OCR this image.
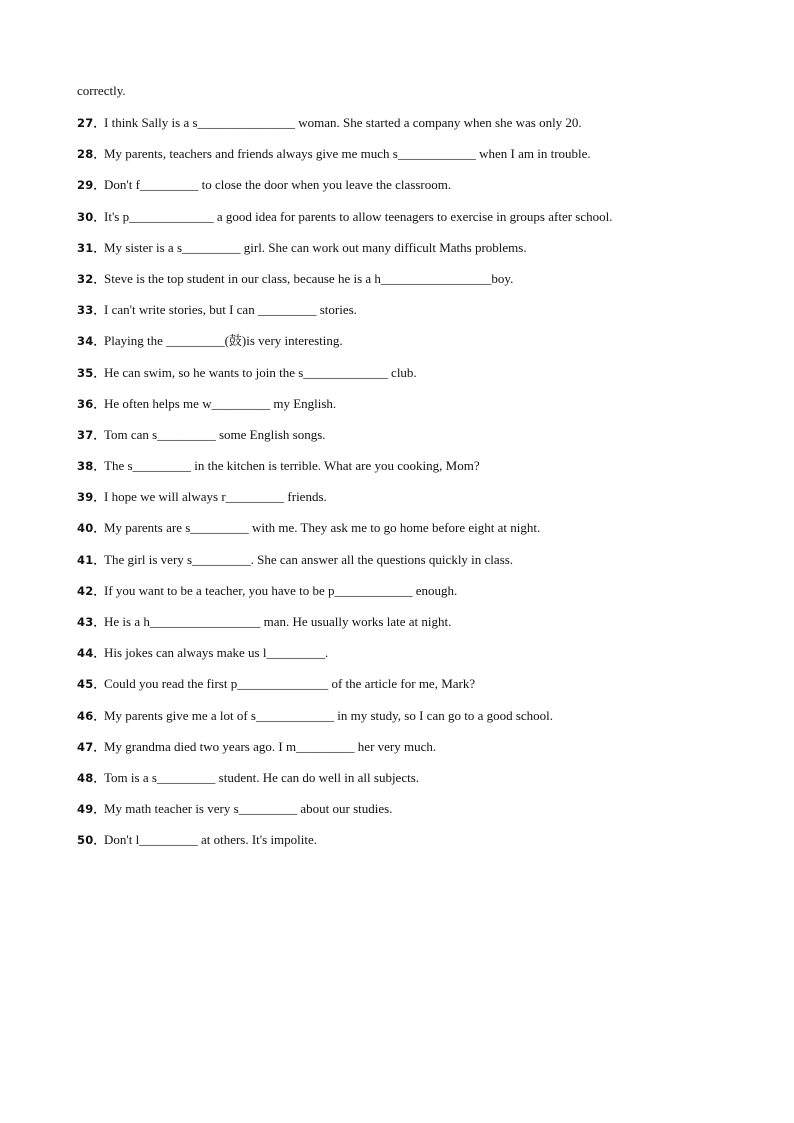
correctly.
27．I think Sally is a s_______________ woman. She started a company when she was only 20.
28．My parents, teachers and friends always give me much s____________ when I am in trouble.
29．Don't f_________ to close the door when you leave the classroom.
30．It's p_____________ a good idea for parents to allow teenagers to exercise in groups after school.
31．My sister is a s_________ girl. She can work out many difficult Maths problems.
32．Steve is the top student in our class, because he is a h_________________boy.
33．I can't write stories, but I can _________ stories.
34．Playing the _________(鼓)is very interesting.
35．He can swim, so he wants to join the s_____________ club.
36．He often helps me w_________ my English.
37．Tom can s_________ some English songs.
38．The s_________ in the kitchen is terrible. What are you cooking, Mom?
39．I hope we will always r_________ friends.
40．My parents are s_________ with me. They ask me to go home before eight at night.
41．The girl is very s_________. She can answer all the questions quickly in class.
42．If you want to be a teacher, you have to be p____________ enough.
43．He is a h_________________ man. He usually works late at night.
44．His jokes can always make us l_________.
45．Could you read the first p______________ of the article for me, Mark?
46．My parents give me a lot of s____________ in my study, so I can go to a good school.
47．My grandma died two years ago. I m_________ her very much.
48．Tom is a s_________ student. He can do well in all subjects.
49．My math teacher is very s_________ about our studies.
50．Don't l_________ at others. It's impolite.
